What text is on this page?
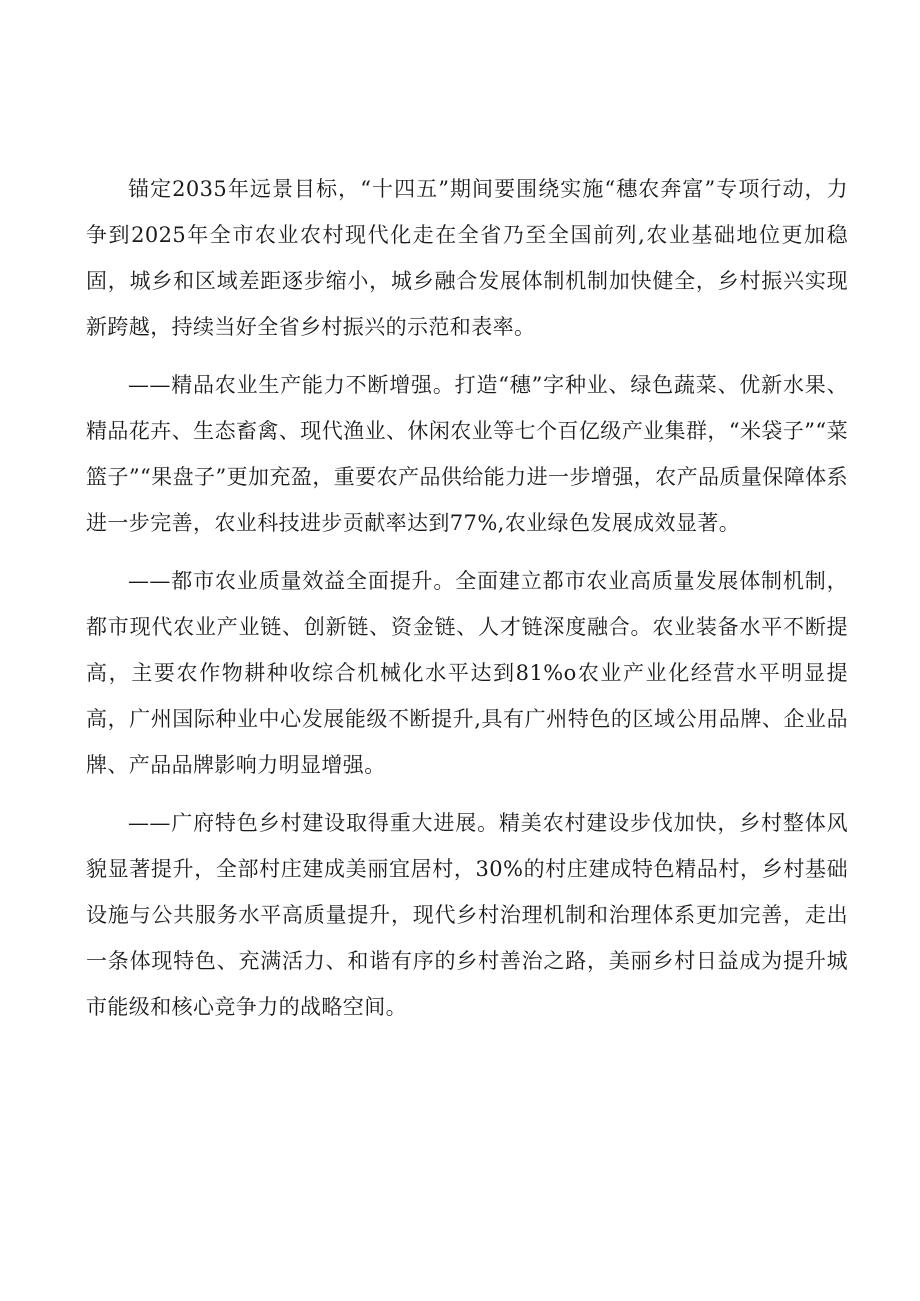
锚定2035年远景目标，“十四五”期间要围绕实施“穗农奔富”专项行动，力争到2025年全市农业农村现代化走在全省乃至全国前列,农业基础地位更加稳固，城乡和区域差距逐步缩小，城乡融合发展体制机制加快健全，乡村振兴实现新跨越，持续当好全省乡村振兴的示范和表率。

——精品农业生产能力不断增强。打造“穗”字种业、绿色蔬菜、优新水果、精品花卉、生态畜禽、现代渔业、休闲农业等七个百亿级产业集群，“米袋子”“菜篮子”“果盘子”更加充盈，重要农产品供给能力进一步增强，农产品质量保障体系进一步完善，农业科技进步贡献率达到77%,农业绿色发展成效显著。

——都市农业质量效益全面提升。全面建立都市农业高质量发展体制机制，都市现代农业产业链、创新链、资金链、人才链深度融合。农业装备水平不断提高，主要农作物耕种收综合机械化水平达到81%o农业产业化经营水平明显提高，广州国际种业中心发展能级不断提升,具有广州特色的区域公用品牌、企业品牌、产品品牌影响力明显增强。

——广府特色乡村建设取得重大进展。精美农村建设步伐加快，乡村整体风貌显著提升，全部村庄建成美丽宜居村，30%的村庄建成特色精品村，乡村基础设施与公共服务水平高质量提升，现代乡村治理机制和治理体系更加完善，走出一条体现特色、充满活力、和谐有序的乡村善治之路，美丽乡村日益成为提升城市能级和核心竞争力的战略空间。
